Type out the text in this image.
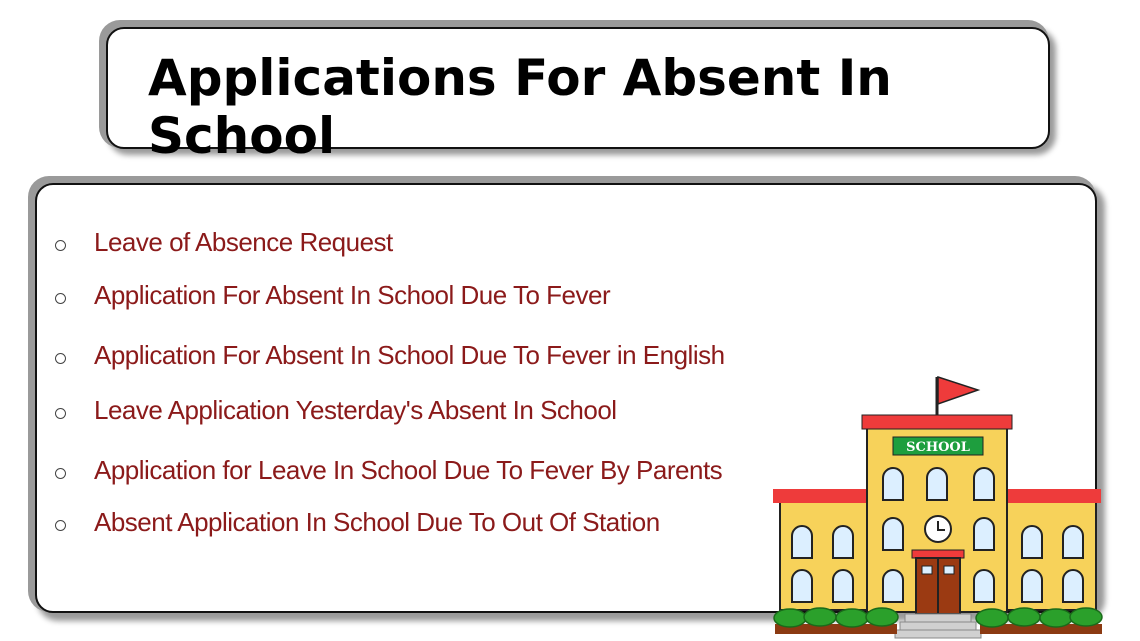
Applications For Absent In School
Leave of Absence Request
Application For Absent In School Due To Fever
Application For Absent In School Due To Fever in English
Leave Application Yesterday's Absent In School
Application for Leave In School Due To Fever By Parents
Absent Application In School Due To Out Of Station
SCHOOL
